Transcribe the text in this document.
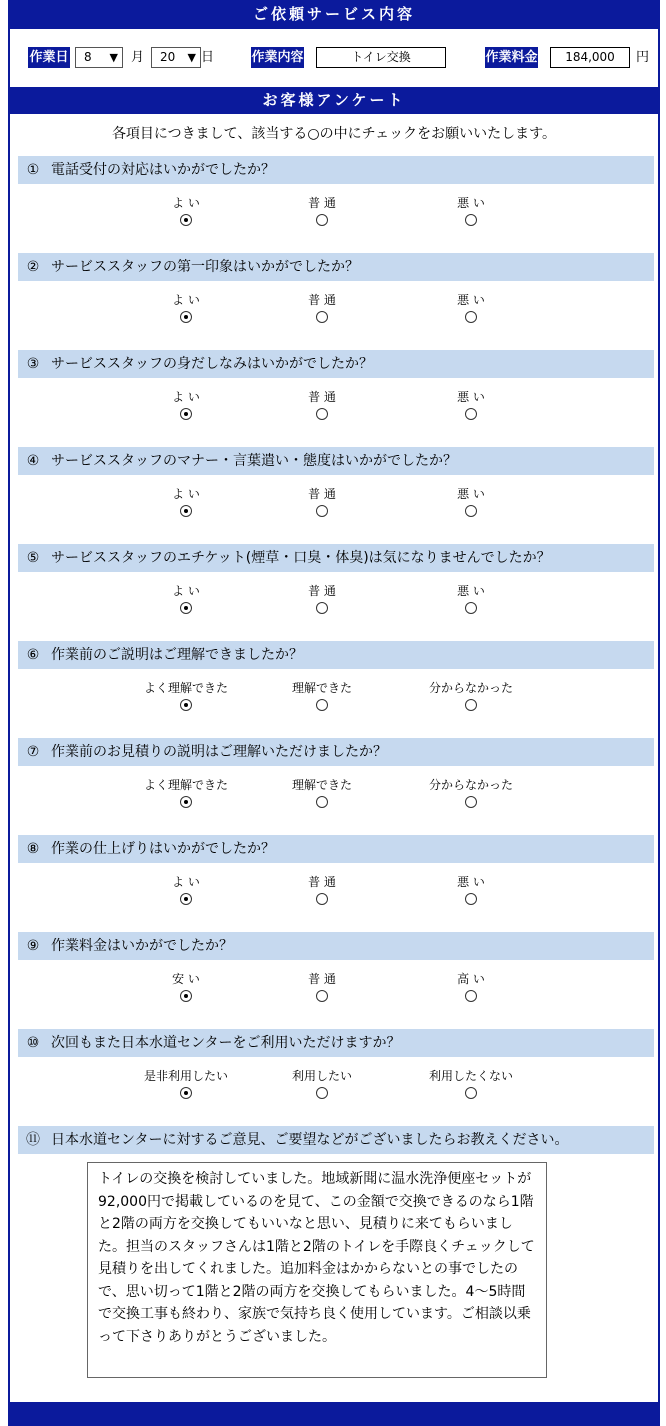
ご依頼サービス内容
作業日	8 ▼ 月	20 ▼ 日	作業内容	トイレ交換	作業料金	184,000	円
お客様アンケート
各項目につきまして、該当する○の中にチェックをお願いいたします。
① 電話受付の対応はいかがでしたか？
よ い	普 通	悪 い
② サービススタッフの第一印象はいかがでしたか？
よ い	普 通	悪 い
③ サービススタッフの身だしなみはいかがでしたか？
よ い	普 通	悪 い
④ サービススタッフのマナー・言葉遣い・態度はいかがでしたか？
よ い	普 通	悪 い
⑤ サービススタッフのエチケット(煙草・口臭・体臭)は気になりませんでしたか？
よ い	普 通	悪 い
⑥ 作業前のご説明はご理解できましたか？
よく理解できた	理解できた	分からなかった
⑦ 作業前のお見積りの説明はご理解いただけましたか？
よく理解できた	理解できた	分からなかった
⑧ 作業の仕上げりはいかがでしたか？
よ い	普 通	悪 い
⑨ 作業料金はいかがでしたか？
安 い	普 通	高 い
⑩ 次回もまた日本水道センターをご利用いただけますか？
是非利用したい	利用したい	利用したくない
⑪ 日本水道センターに対するご意見、ご要望などがございましたらお教えください。
トイレの交換を検討していました。地域新聞に温水洗浄便座セットが92,000円で掲載しているのを見て、この金額で交換できるのなら1階と2階の両方を交換してもいいなと思い、見積りに来てもらいました。担当のスタッフさんは1階と2階のトイレを手際良くチェックして見積りを出してくれました。追加料金はかからないとの事でしたので、思い切って1階と2階の両方を交換してもらいました。4～5時間で交換工事も終わり、家族で気持ち良く使用しています。ご相談以乗って下さりありがとうございました。
